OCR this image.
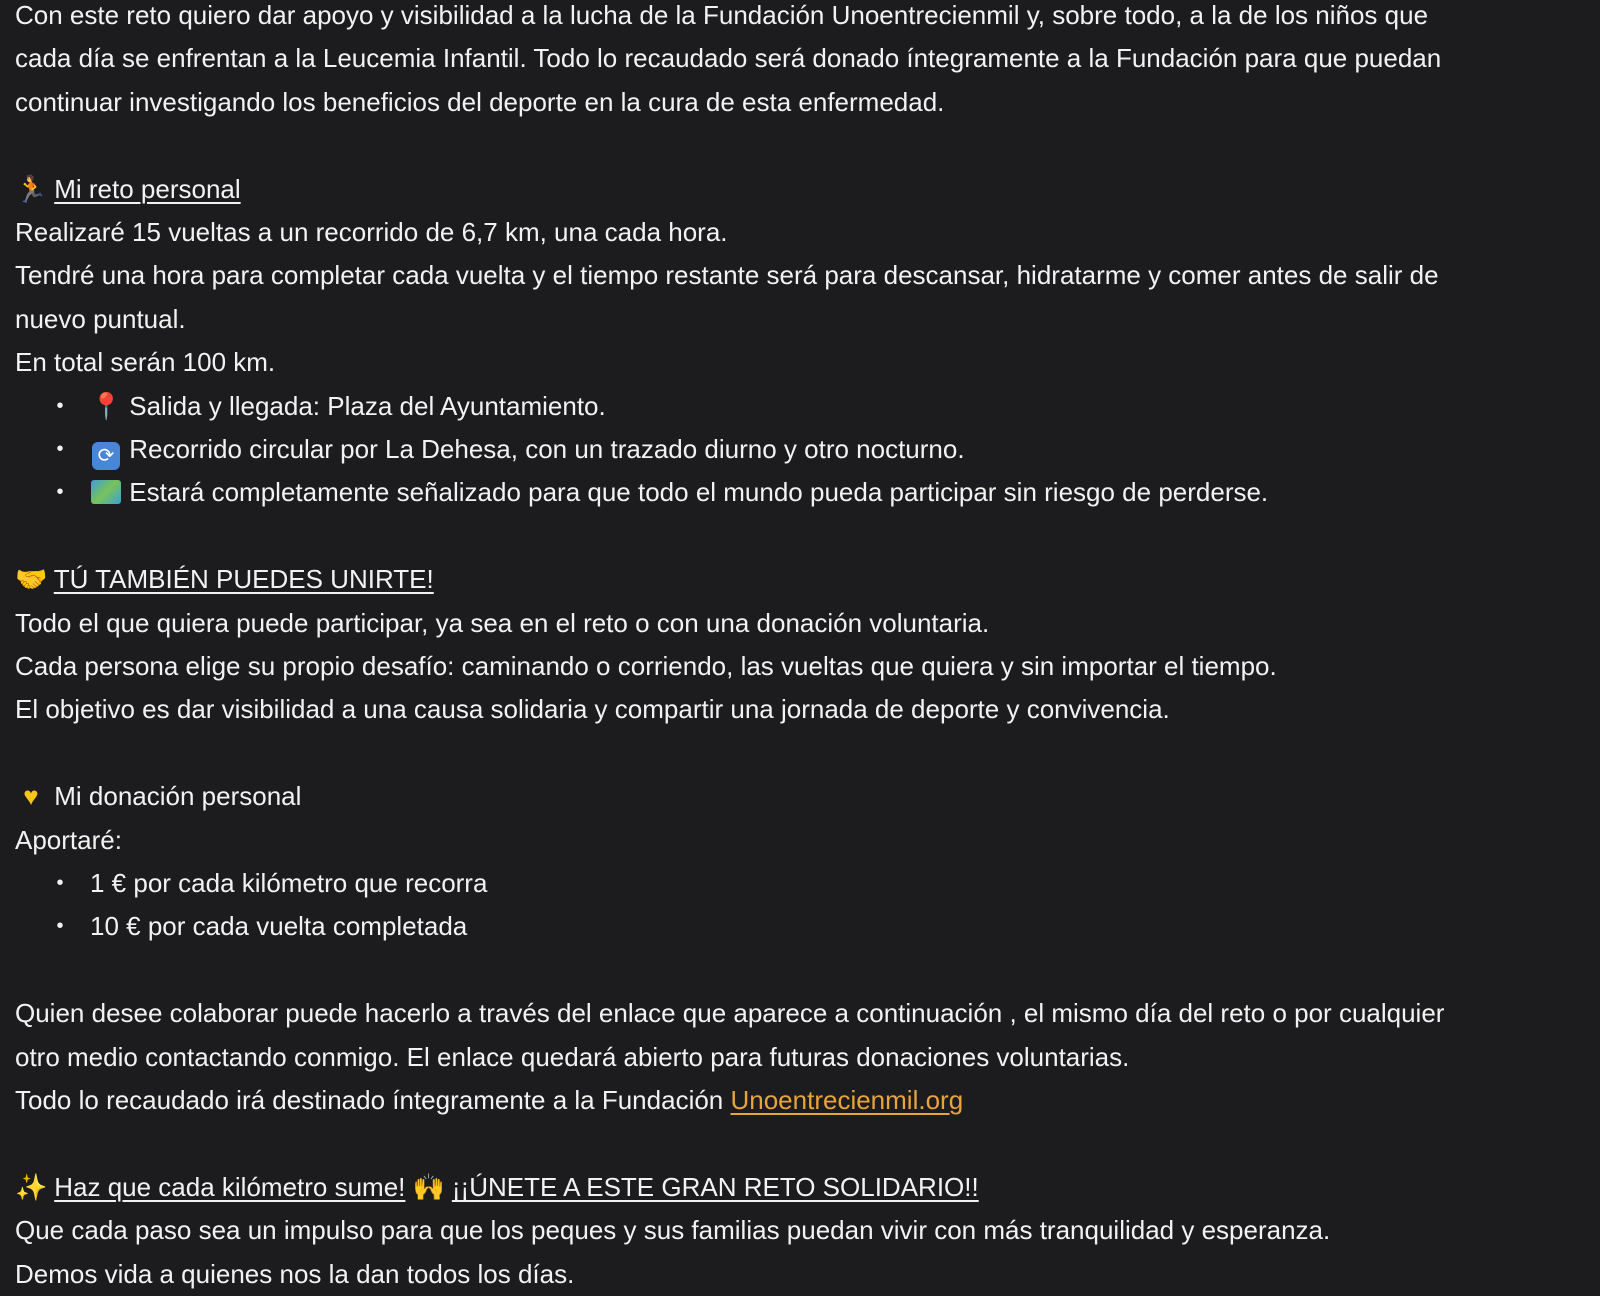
Con este reto quiero dar apoyo y visibilidad a la lucha de la Fundación Unoentrecienmil y, sobre todo, a la de los niños que
cada día se enfrentan a la Leucemia Infantil. Todo lo recaudado será donado íntegramente a la Fundación para que puedan
continuar investigando los beneficios del deporte en la cura de esta enfermedad.
🏃 Mi reto personal
Realizaré 15 vueltas a un recorrido de 6,7 km, una cada hora.
Tendré una hora para completar cada vuelta y el tiempo restante será para descansar, hidratarme y comer antes de salir de
nuevo puntual.
En total serán 100 km.
• 📍 Salida y llegada: Plaza del Ayuntamiento.
• ⟳ Recorrido circular por La Dehesa, con un trazado diurno y otro nocturno.
•	Estará completamente señalizado para que todo el mundo pueda participar sin riesgo de perderse.
🤝 TÚ TAMBIÉN PUEDES UNIRTE!
Todo el que quiera puede participar, ya sea en el reto o con una donación voluntaria.
Cada persona elige su propio desafío: caminando o corriendo, las vueltas que quiera y sin importar el tiempo.
El objetivo es dar visibilidad a una causa solidaria y compartir una jornada de deporte y convivencia.
♥ Mi donación personal
Aportaré:
• 1 € por cada kilómetro que recorra
• 10 € por cada vuelta completada
Quien desee colaborar puede hacerlo a través del enlace que aparece a continuación , el mismo día del reto o por cualquier
otro medio contactando conmigo. El enlace quedará abierto para futuras donaciones voluntarias.
Todo lo recaudado irá destinado íntegramente a la Fundación Unoentrecienmil.org
✨ Haz que cada kilómetro sume! 🙌 ¡¡ÚNETE A ESTE GRAN RETO SOLIDARIO!!
Que cada paso sea un impulso para que los peques y sus familias puedan vivir con más tranquilidad y esperanza.
Demos vida a quienes nos la dan todos los días.
